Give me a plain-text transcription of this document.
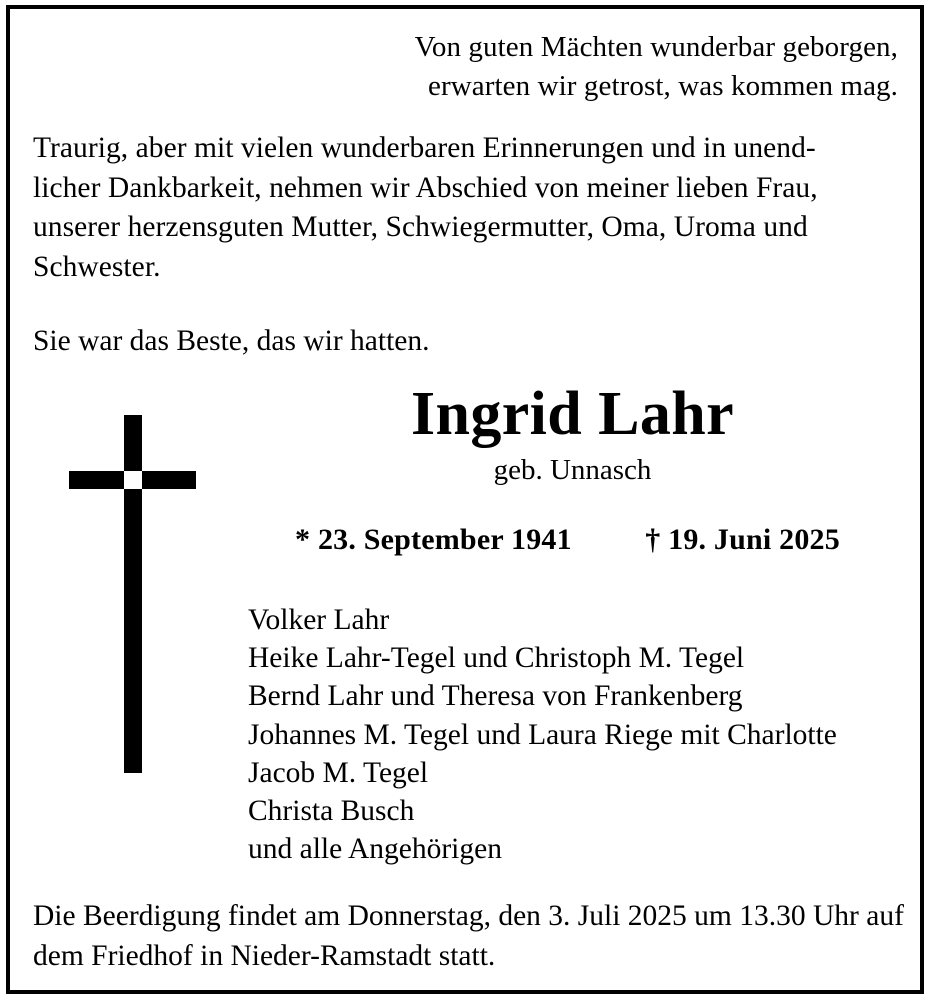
Von guten Mächten wunderbar geborgen,
erwarten wir getrost, was kommen mag.
Traurig, aber mit vielen wunderbaren Erinnerungen und in unend-
licher Dankbarkeit, nehmen wir Abschied von meiner lieben Frau,
unserer herzensguten Mutter, Schwiegermutter, Oma, Uroma und
Schwester.
Sie war das Beste, das wir hatten.
Ingrid Lahr
geb. Unnasch
* 23. September 1941 † 19. Juni 2025
Volker Lahr
Heike Lahr-Tegel und Christoph M. Tegel
Bernd Lahr und Theresa von Frankenberg
Johannes M. Tegel und Laura Riege mit Charlotte
Jacob M. Tegel
Christa Busch
und alle Angehörigen
Die Beerdigung findet am Donnerstag, den 3. Juli 2025 um 13.30 Uhr auf
dem Friedhof in Nieder-Ramstadt statt.
